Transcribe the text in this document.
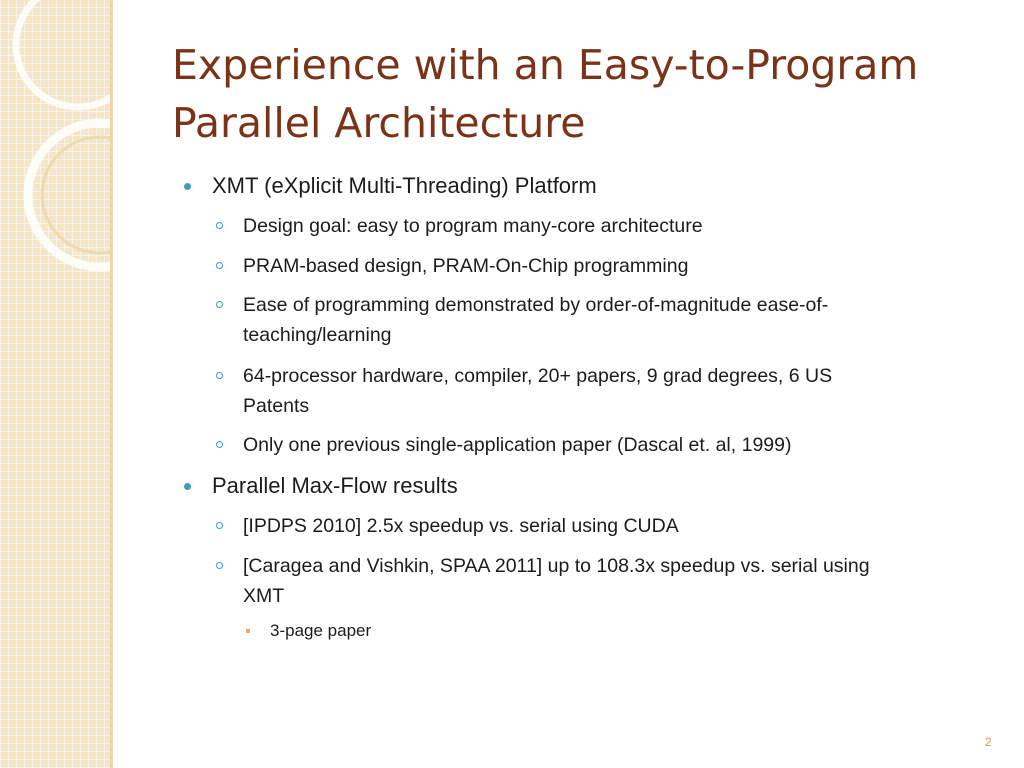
Experience with an Easy-to-Program
Parallel Architecture
XMT (eXplicit Multi-Threading) Platform
Design goal: easy to program many-core architecture
PRAM-based design, PRAM-On-Chip programming
Ease of programming demonstrated by order-of-magnitude ease-of-
teaching/learning
64-processor hardware, compiler, 20+ papers, 9 grad degrees, 6 US
Patents
Only one previous single-application paper (Dascal et. al, 1999)
Parallel Max-Flow results
[IPDPS 2010] 2.5x speedup vs. serial using CUDA
[Caragea and Vishkin, SPAA 2011] up to 108.3x speedup vs. serial using
XMT
3-page paper
2
